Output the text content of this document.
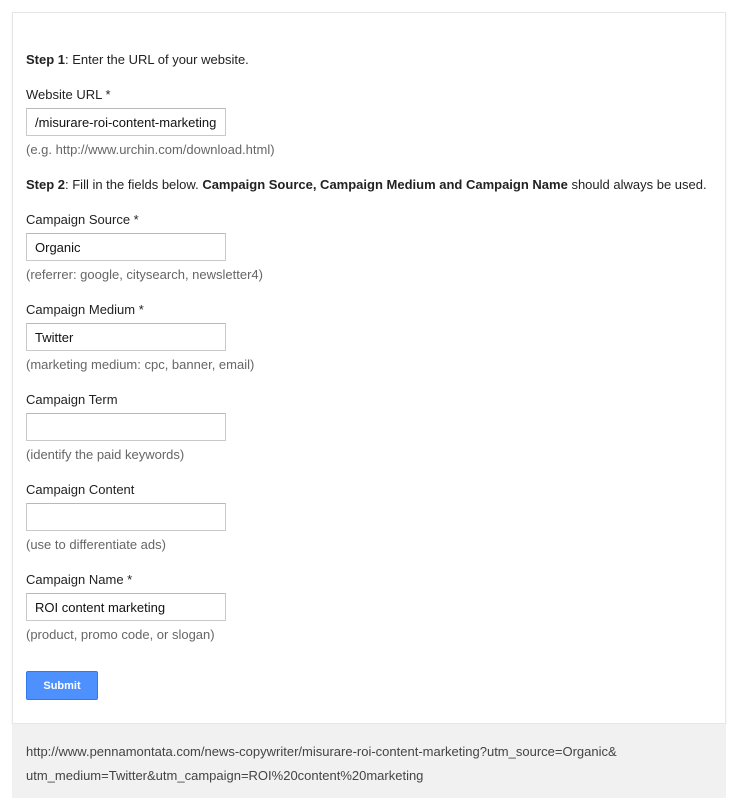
Step 1: Enter the URL of your website.
Website URL *
/misurare-roi-content-marketing
(e.g. http://www.urchin.com/download.html)
Step 2: Fill in the fields below. Campaign Source, Campaign Medium and Campaign Name should always be used.
Campaign Source *
Organic
(referrer: google, citysearch, newsletter4)
Campaign Medium *
Twitter
(marketing medium: cpc, banner, email)
Campaign Term
(identify the paid keywords)
Campaign Content
(use to differentiate ads)
Campaign Name *
ROI content marketing
(product, promo code, or slogan)
Submit
http://www.pennamontata.com/news-copywriter/misurare-roi-content-marketing?utm_source=Organic&
utm_medium=Twitter&utm_campaign=ROI%20content%20marketing
